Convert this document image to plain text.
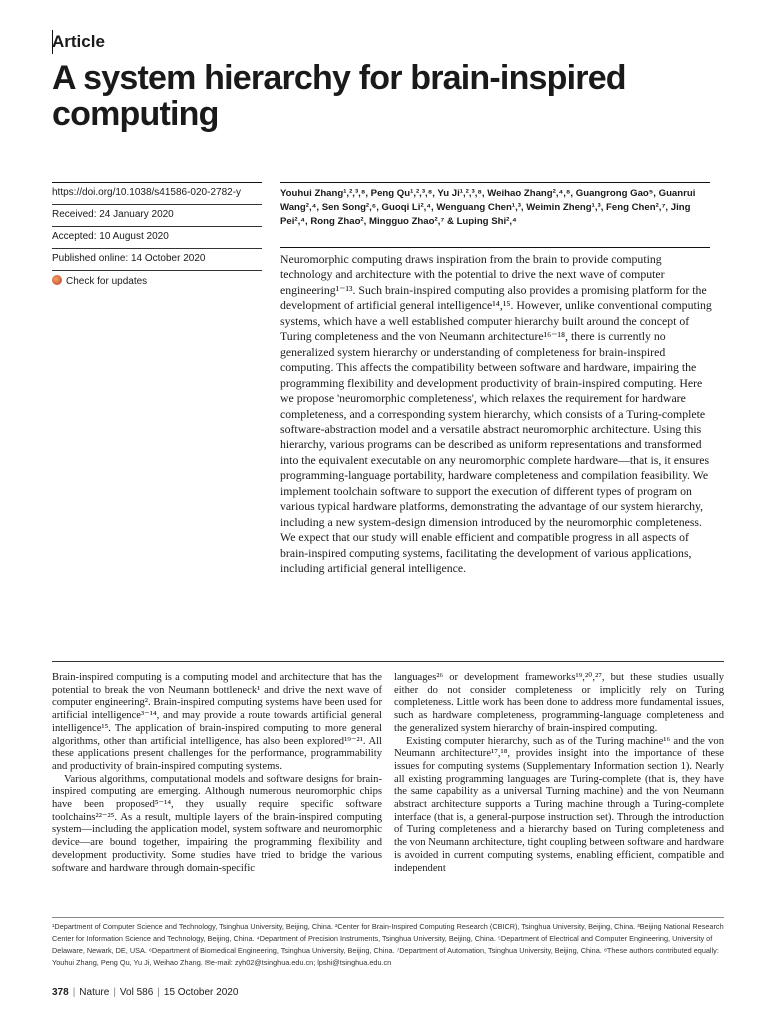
Article
A system hierarchy for brain-inspired computing
https://doi.org/10.1038/s41586-020-2782-y
Received: 24 January 2020
Accepted: 10 August 2020
Published online: 14 October 2020
Check for updates
Youhui Zhang¹,²,³,⁸, Peng Qu¹,²,³,⁸, Yu Ji¹,²,³,⁸, Weihao Zhang²,⁴,⁸, Guangrong Gao⁵, Guanrui Wang²,⁴, Sen Song²,⁶, Guoqi Li²,⁴, Wenguang Chen¹,³, Weimin Zheng¹,³, Feng Chen²,⁷, Jing Pei²,⁴, Rong Zhao², Mingguo Zhao²,⁷ & Luping Shi²,⁴

Neuromorphic computing draws inspiration from the brain to provide computing technology and architecture with the potential to drive the next wave of computer engineering¹⁻¹³. Such brain-inspired computing also provides a promising platform for the development of artificial general intelligence¹⁴,¹⁵. However, unlike conventional computing systems, which have a well established computer hierarchy built around the concept of Turing completeness and the von Neumann architecture¹⁶⁻¹⁸, there is currently no generalized system hierarchy or understanding of completeness for brain-inspired computing. This affects the compatibility between software and hardware, impairing the programming flexibility and development productivity of brain-inspired computing. Here we propose 'neuromorphic completeness', which relaxes the requirement for hardware completeness, and a corresponding system hierarchy, which consists of a Turing-complete software-abstraction model and a versatile abstract neuromorphic architecture. Using this hierarchy, various programs can be described as uniform representations and transformed into the equivalent executable on any neuromorphic complete hardware—that is, it ensures programming-language portability, hardware completeness and compilation feasibility. We implement toolchain software to support the execution of different types of program on various typical hardware platforms, demonstrating the advantage of our system hierarchy, including a new system-design dimension introduced by the neuromorphic completeness. We expect that our study will enable efficient and compatible progress in all aspects of brain-inspired computing systems, facilitating the development of various applications, including artificial general intelligence.

Brain-inspired computing is a computing model and architecture that has the potential to break the von Neumann bottleneck¹ and drive the next wave of computer engineering². Brain-inspired computing systems have been used for artificial intelligence³⁻¹⁴, and may provide a route towards artificial general intelligence¹⁵. The application of brain-inspired computing to more general algorithms, other than artificial intelligence, has also been explored¹⁹⁻²¹. All these applications present challenges for the performance, programmability and productivity of brain-inspired computing systems.

Various algorithms, computational models and software designs for brain-inspired computing are emerging. Although numerous neuromorphic chips have been proposed⁵⁻¹⁴, they usually require specific software toolchains²²⁻²⁵. As a result, multiple layers of the brain-inspired computing system—including the application model, system software and neuromorphic device—are bound together, impairing the programming flexibility and development productivity. Some studies have tried to bridge the various software and hardware through domain-specific

languages²⁶ or development frameworks¹⁹,²⁰,²⁷, but these studies usually either do not consider completeness or implicitly rely on Turing completeness. Little work has been done to address more fundamental issues, such as hardware completeness, programming-language completeness and the generalized system hierarchy of brain-inspired computing.

Existing computer hierarchy, such as of the Turing machine¹⁶ and the von Neumann architecture¹⁷,¹⁸, provides insight into the importance of these issues for computing systems (Supplementary Information section 1). Nearly all existing programming languages are Turing-complete (that is, they have the same capability as a universal Turning machine) and the von Neumann abstract architecture supports a Turing machine through a Turing-complete interface (that is, a general-purpose instruction set). Through the introduction of Turing completeness and a hierarchy based on Turing completeness and the von Neumann architecture, tight coupling between software and hardware is avoided in current computing systems, enabling efficient, compatible and independent

¹Department of Computer Science and Technology, Tsinghua University, Beijing, China. ²Center for Brain-Inspired Computing Research (CBICR), Tsinghua University, Beijing, China. ³Beijing National Research Center for Information Science and Technology, Beijing, China. ⁴Department of Precision Instruments, Tsinghua University, Beijing, China. ⁵Department of Electrical and Computer Engineering, University of Delaware, Newark, DE, USA. ⁶Department of Biomedical Engineering, Tsinghua University, Beijing, China. ⁷Department of Automation, Tsinghua University, Beijing, China. ⁸These authors contributed equally: Youhui Zhang, Peng Qu, Yu Ji, Weihao Zhang. ✉e-mail: zyh02@tsinghua.edu.cn; lpshi@tsinghua.edu.cn
378 | Nature | Vol 586 | 15 October 2020
